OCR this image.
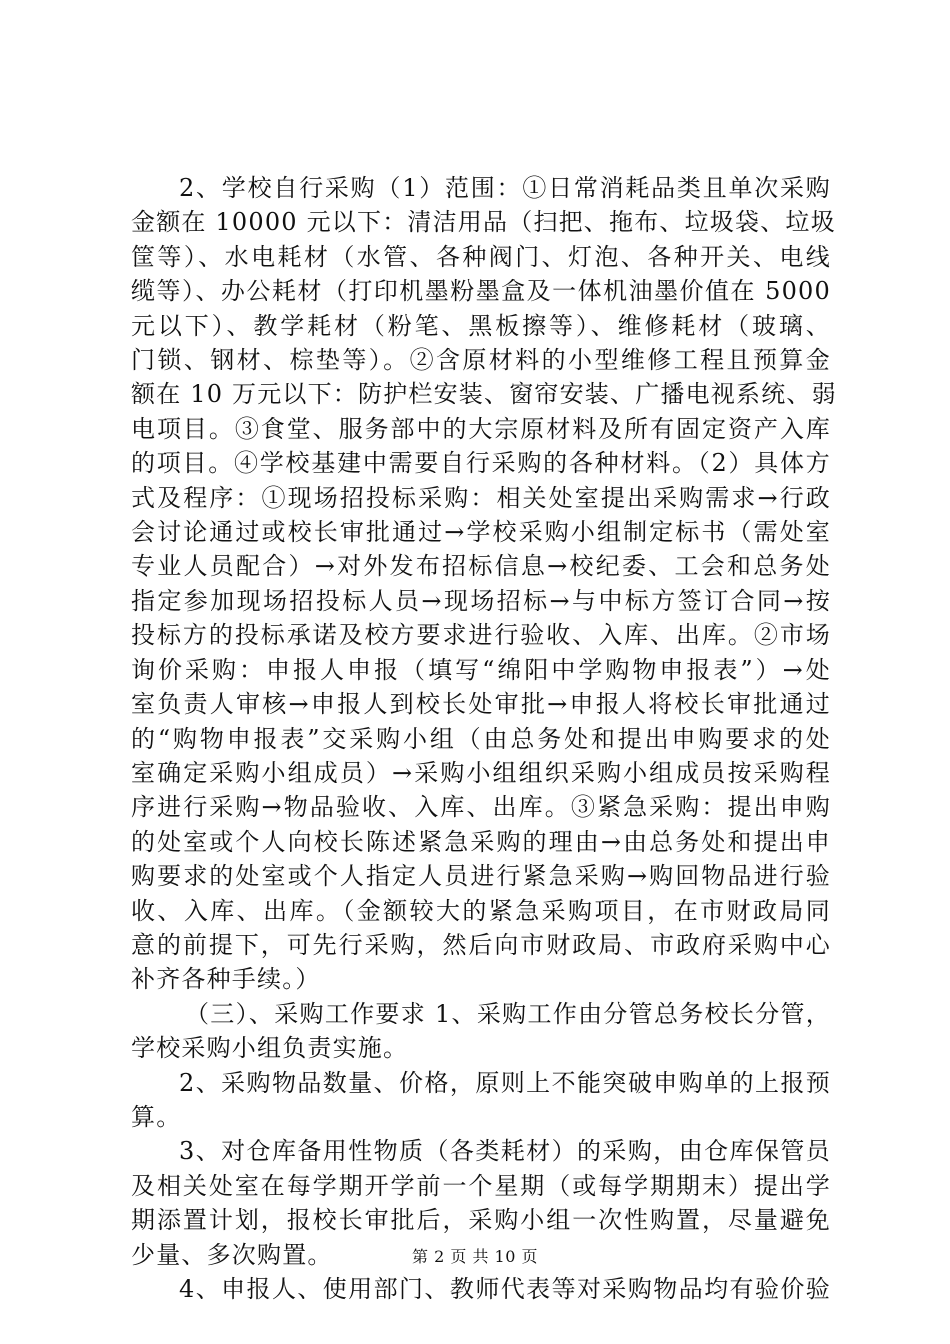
2、学校自行采购（1）范围：①日常消耗品类且单次采购
金额在 10000 元以下：清洁用品（扫把、拖布、垃圾袋、垃圾
筐等）、水电耗材（水管、各种阀门、灯泡、各种开关、电线
缆等）、办公耗材（打印机墨粉墨盒及一体机油墨价值在 5000
元以下）、教学耗材（粉笔、黑板擦等）、维修耗材（玻璃、
门锁、钢材、棕垫等）。②含原材料的小型维修工程且预算金
额在 10 万元以下：防护栏安装、窗帘安装、广播电视系统、弱
电项目。③食堂、服务部中的大宗原材料及所有固定资产入库
的项目。④学校基建中需要自行采购的各种材料。（2）具体方
式及程序：①现场招投标采购：相关处室提出采购需求→行政
会讨论通过或校长审批通过→学校采购小组制定标书（需处室
专业人员配合）→对外发布招标信息→校纪委、工会和总务处
指定参加现场招投标人员→现场招标→与中标方签订合同→按
投标方的投标承诺及校方要求进行验收、入库、出库。②市场
询价采购：申报人申报（填写“绵阳中学购物申报表”）→处
室负责人审核→申报人到校长处审批→申报人将校长审批通过
的“购物申报表”交采购小组（由总务处和提出申购要求的处
室确定采购小组成员）→采购小组组织采购小组成员按采购程
序进行采购→物品验收、入库、出库。③紧急采购：提出申购
的处室或个人向校长陈述紧急采购的理由→由总务处和提出申
购要求的处室或个人指定人员进行紧急采购→购回物品进行验
收、入库、出库。（金额较大的紧急采购项目，在市财政局同
意的前提下，可先行采购，然后向市财政局、市政府采购中心
补齐各种手续。）
（三）、采购工作要求 1、采购工作由分管总务校长分管，
学校采购小组负责实施。
2、采购物品数量、价格，原则上不能突破申购单的上报预
算。
3、对仓库备用性物质（各类耗材）的采购，由仓库保管员
及相关处室在每学期开学前一个星期（或每学期期末）提出学
期添置计划，报校长审批后，采购小组一次性购置，尽量避免
少量、多次购置。
4、申报人、使用部门、教师代表等对采购物品均有验价验
第 2 页 共 10 页
